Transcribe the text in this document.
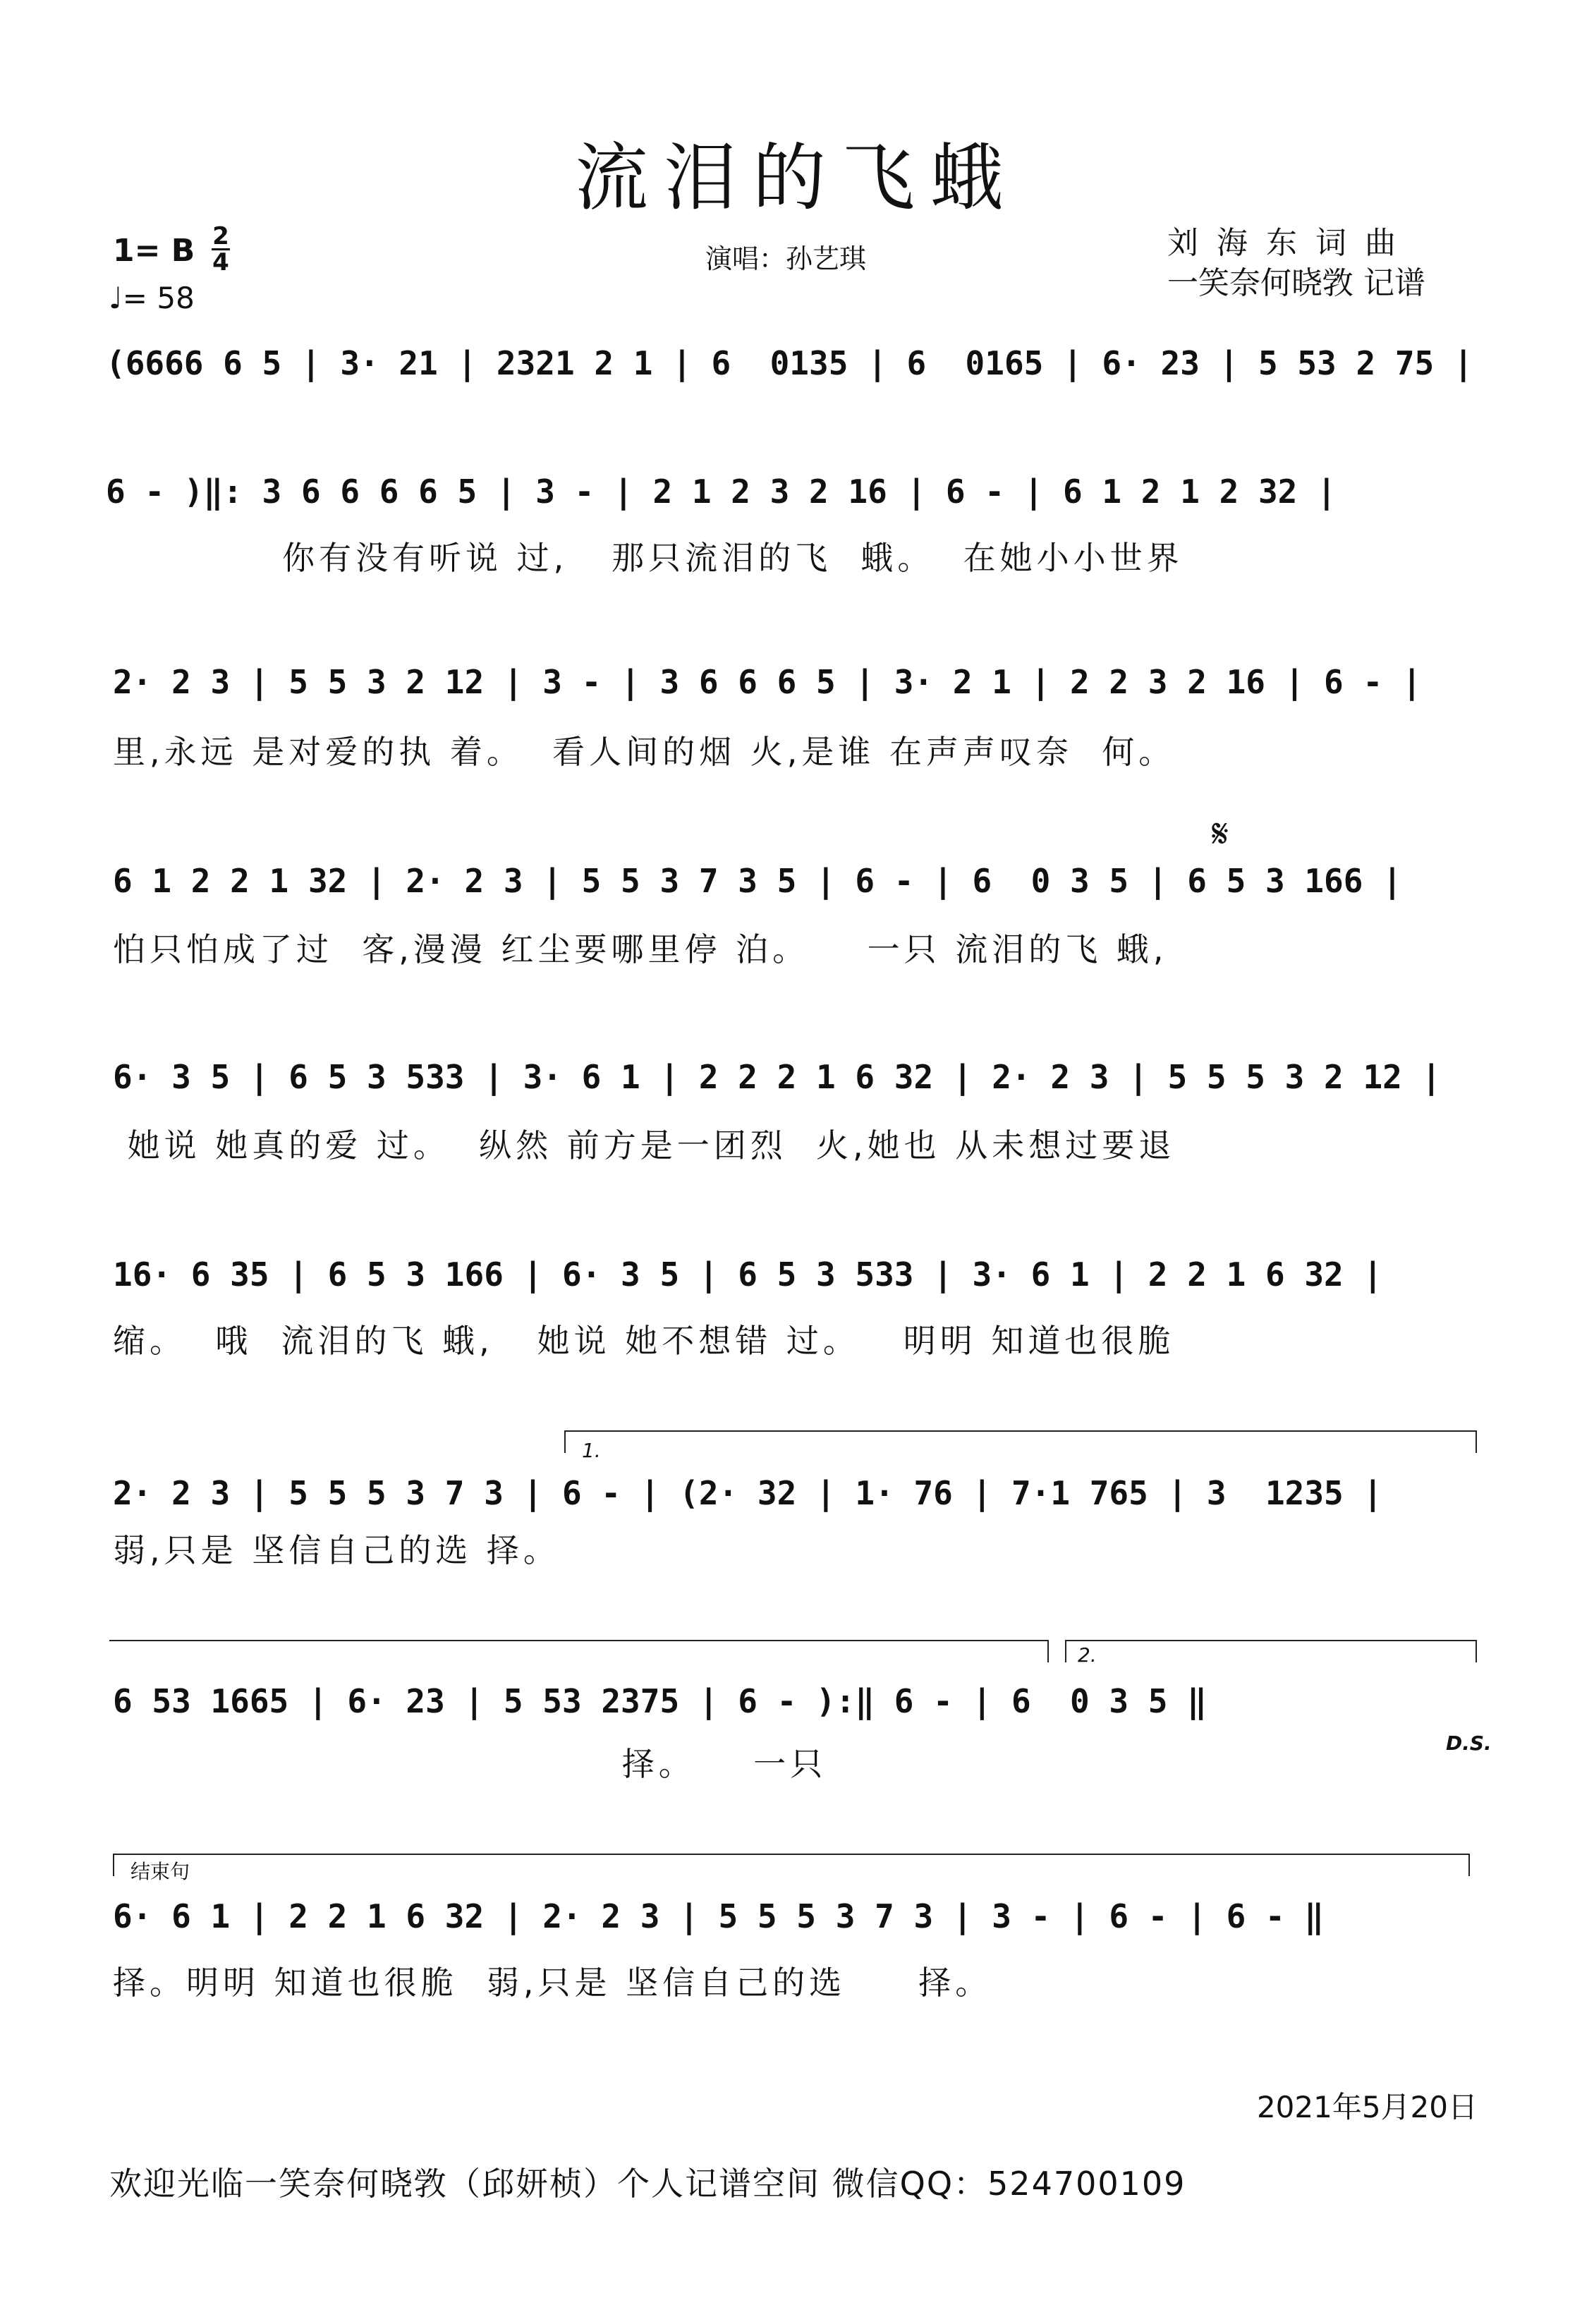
流泪的飞蛾
1= B 2
4
♩= 58
演唱：孙艺琪	刘海东词曲
一笑奈何晓敩 记谱
(6666 6 5 | 3· 21 | 2321 2 1 | 6  0135 | 6  0165 | 6· 23 | 5 53 2 75 |
6 - )‖: 3 6 6 6 6 5 | 3 - | 2 1 2 3 2 16 | 6 - | 6 1 2 1 2 32 |
你有没有听说 过,   那只流泪的飞  蛾。  在她小小世界
2· 2 3 | 5 5 3 2 12 | 3 - | 3 6 6 6 5 | 3· 2 1 | 2 2 3 2 16 | 6 - |
里,永远 是对爱的执 着。  看人间的烟 火,是谁 在声声叹奈  何。
𝄋
6 1 2 2 1 32 | 2· 2 3 | 5 5 3 7 3 5 | 6 - | 6  0 3 5 | 6 5 3 166 |
怕只怕成了过  客,漫漫 红尘要哪里停 泊。    一只 流泪的飞 蛾,
6· 3 5 | 6 5 3 533 | 3· 6 1 | 2 2 2 1 6 32 | 2· 2 3 | 5 5 5 3 2 12 |
她说 她真的爱 过。  纵然 前方是一团烈  火,她也 从未想过要退
16· 6 35 | 6 5 3 166 | 6· 3 5 | 6 5 3 533 | 3· 6 1 | 2 2 1 6 32 |
缩。  哦  流泪的飞 蛾,   她说 她不想错 过。   明明 知道也很脆
1.
2· 2 3 | 5 5 5 3 7 3 | 6 - | (2· 32 | 1· 76 | 7·1 765 | 3  1235 |
弱,只是 坚信自己的选 择。
2.
6 53 1665 | 6· 23 | 5 53 2375 | 6 - ):‖ 6 - | 6  0 3 5 ‖
择。    一只
D.S.
结束句
6· 6 1 | 2 2 1 6 32 | 2· 2 3 | 5 5 5 3 7 3 | 3 - | 6 - | 6 - ‖
择。明明 知道也很脆  弱,只是 坚信自己的选     择。
2021年5月20日
欢迎光临一笑奈何晓敩（邱妍桢）个人记谱空间 微信QQ：524700109
